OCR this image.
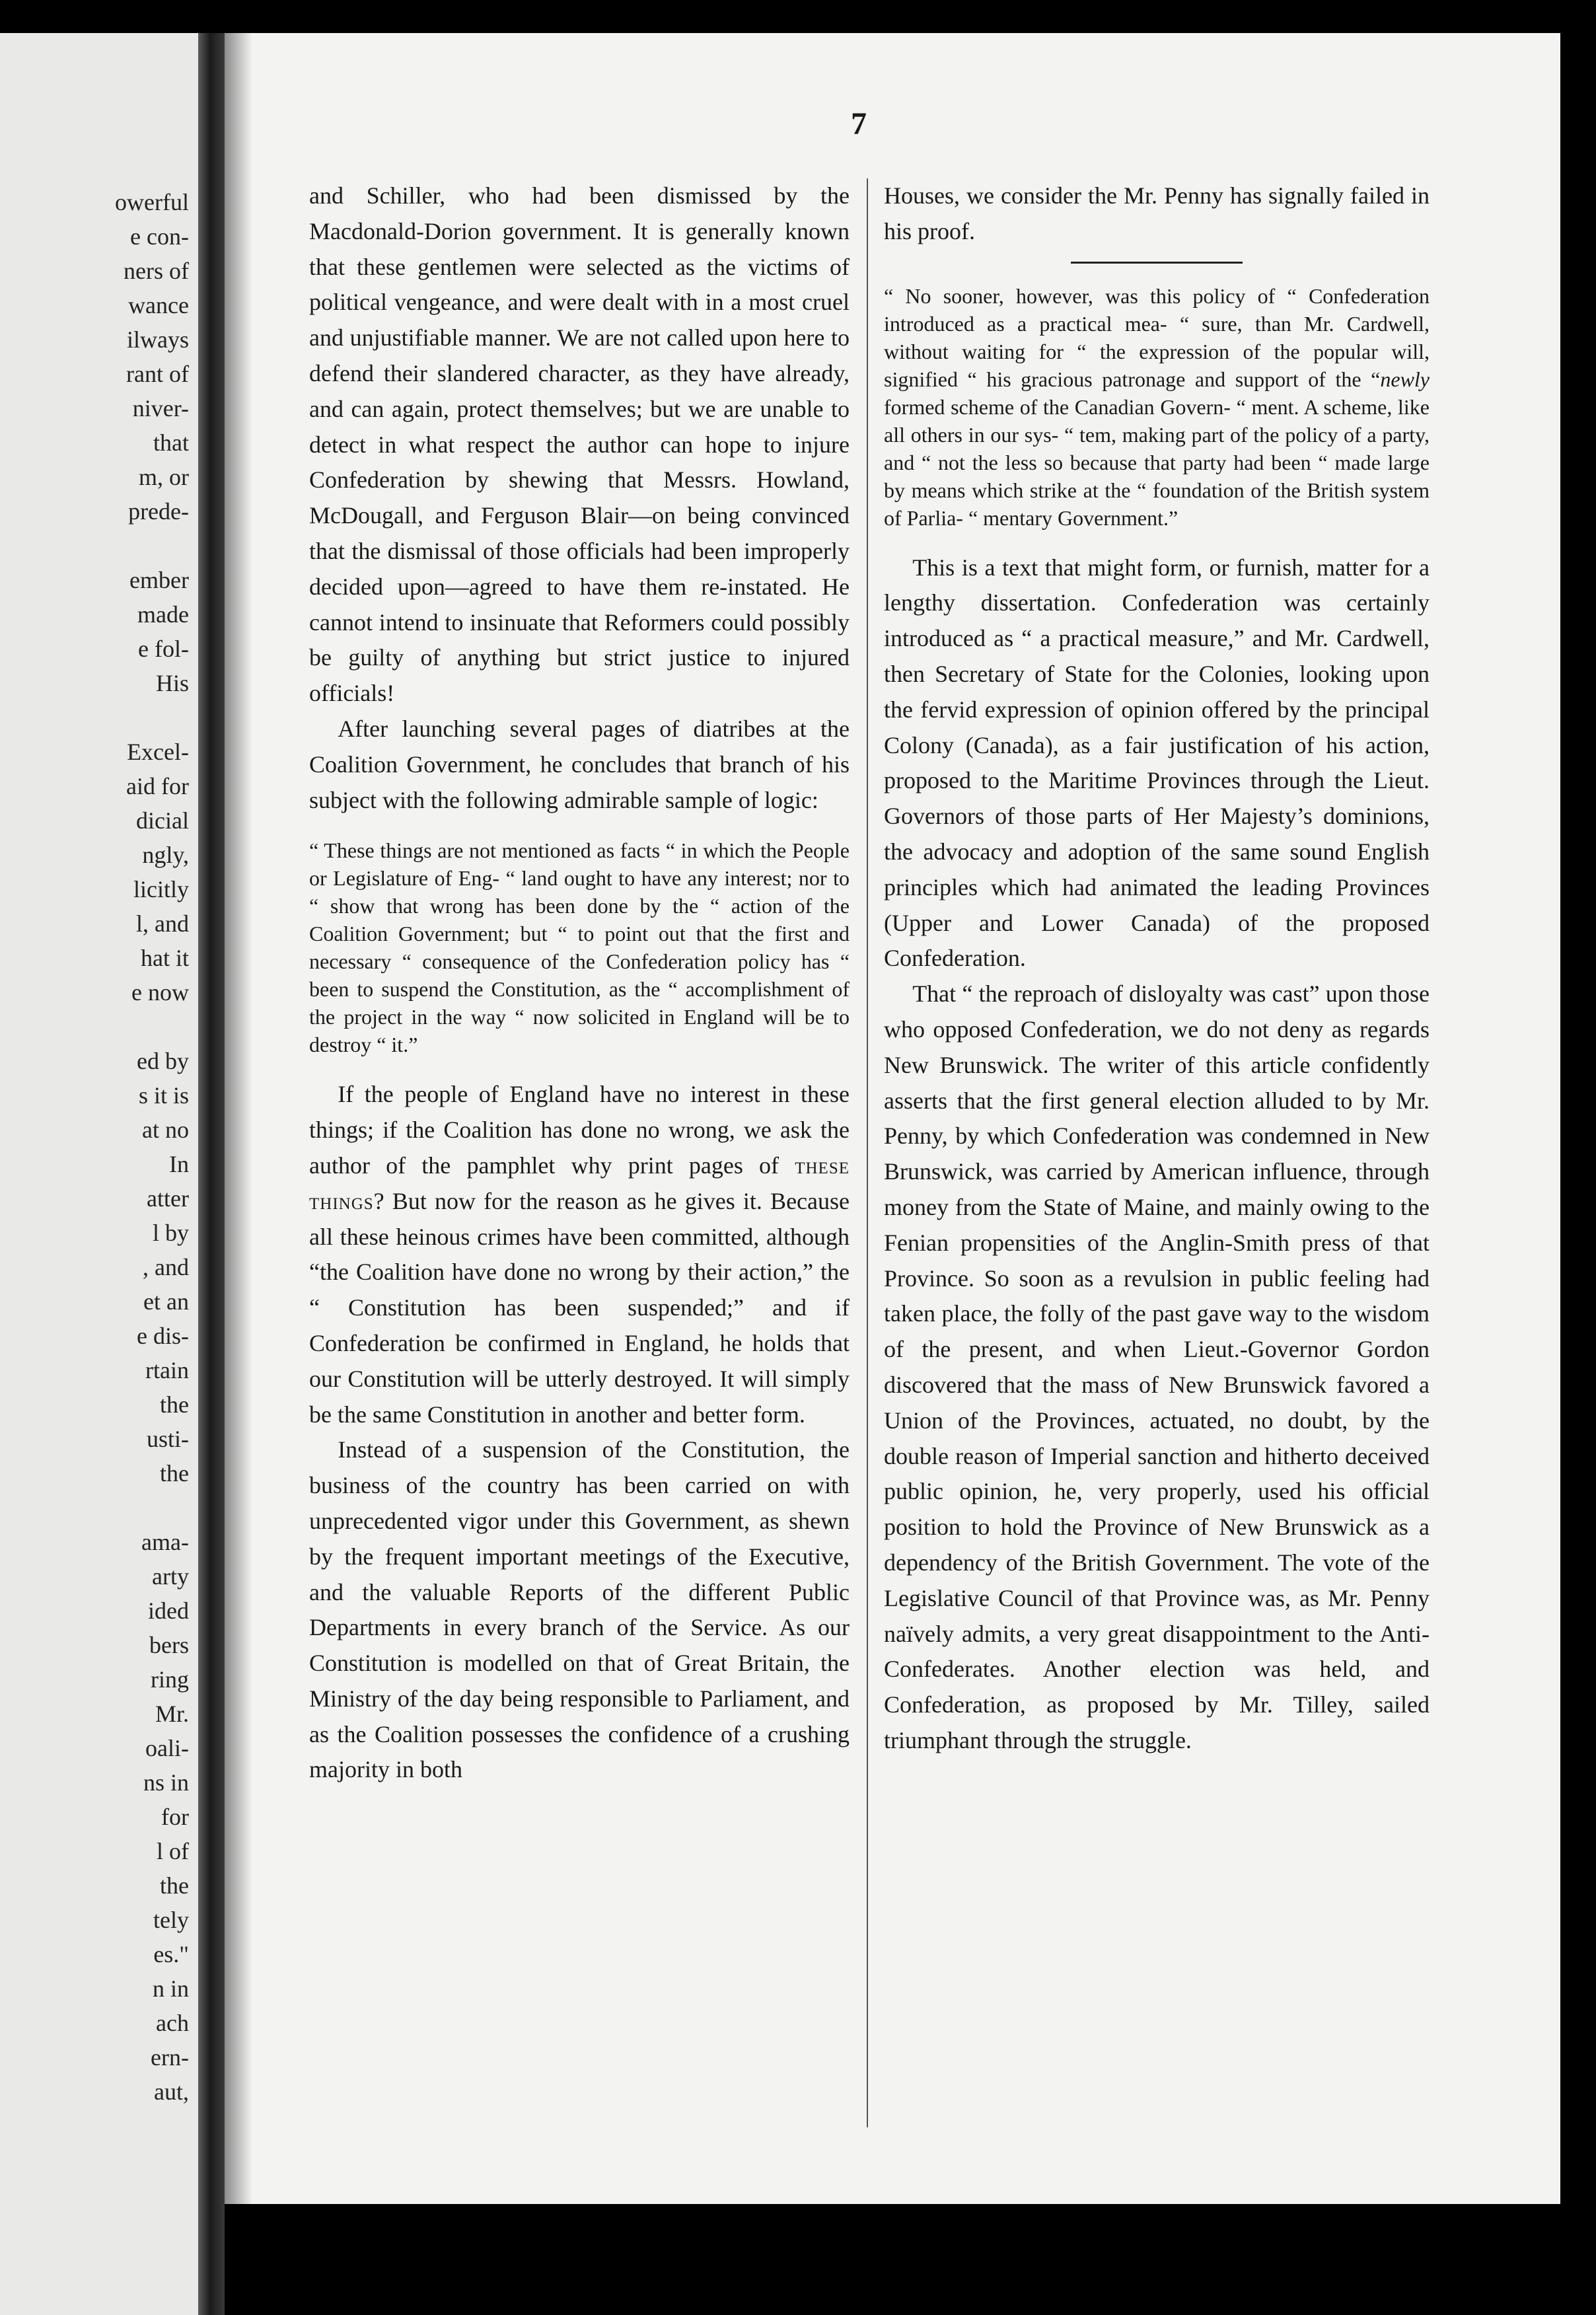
owerful
e con-
ners of
wance
ilways
rant of
niver-
that
m, or
prede-
ember
made
e fol-
His
Excel-
aid for
dicial
ngly,
licitly
l, and
hat it
e now
ed by
s it is
at no
In
atter
l by
, and
et an
e dis-
rtain
the
usti-
the
ama-
arty
ided
bers
ring
Mr.
oali-
ns in
for
l of
the
tely
es."
n in
ach
ern-
aut,
7

and Schiller, who had been dismissed by the Macdonald-Dorion government. It is generally known that these gentlemen were selected as the victims of political vengeance, and were dealt with in a most cruel and unjustifiable manner. We are not called upon here to defend their slandered character, as they have already, and can again, protect themselves; but we are unable to detect in what respect the author can hope to injure Confederation by shewing that Messrs. Howland, McDougall, and Ferguson Blair—on being convinced that the dismissal of those officials had been improperly decided upon—agreed to have them re-instated. He cannot intend to insinuate that Reformers could possibly be guilty of anything but strict justice to injured officials!

After launching several pages of diatribes at the Coalition Government, he concludes that branch of his subject with the following admirable sample of logic:

“ These things are not mentioned as facts “ in which the People or Legislature of Eng- “ land ought to have any interest; nor to “ show that wrong has been done by the “ action of the Coalition Government; but “ to point out that the first and necessary “ consequence of the Confederation policy has “ been to suspend the Constitution, as the “ accomplishment of the project in the way “ now solicited in England will be to destroy “ it.”

If the people of England have no interest in these things; if the Coalition has done no wrong, we ask the author of the pamphlet why print pages of these things? But now for the reason as he gives it. Because all these heinous crimes have been committed, although “the Coalition have done no wrong by their action,” the “ Constitution has been suspended;” and if Confederation be confirmed in England, he holds that our Constitution will be utterly destroyed. It will simply be the same Constitution in another and better form.

Instead of a suspension of the Constitution, the business of the country has been carried on with unprecedented vigor under this Government, as shewn by the frequent important meetings of the Executive, and the valuable Reports of the different Public Departments in every branch of the Service. As our Constitution is modelled on that of Great Britain, the Ministry of the day being responsible to Parliament, and as the Coalition possesses the confidence of a crushing majority in both

Houses, we consider the Mr. Penny has signally failed in his proof.

“ No sooner, however, was this policy of “ Confederation introduced as a practical mea- “ sure, than Mr. Cardwell, without waiting for “ the expression of the popular will, signified “ his gracious patronage and support of the “newly formed scheme of the Canadian Govern- “ ment. A scheme, like all others in our sys- “ tem, making part of the policy of a party, and “ not the less so because that party had been “ made large by means which strike at the “ foundation of the British system of Parlia- “ mentary Government.”

This is a text that might form, or furnish, matter for a lengthy dissertation. Confederation was certainly introduced as “ a practical measure,” and Mr. Cardwell, then Secretary of State for the Colonies, looking upon the fervid expression of opinion offered by the principal Colony (Canada), as a fair justification of his action, proposed to the Maritime Provinces through the Lieut. Governors of those parts of Her Majesty’s dominions, the advocacy and adoption of the same sound English principles which had animated the leading Provinces (Upper and Lower Canada) of the proposed Confederation.

That “ the reproach of disloyalty was cast” upon those who opposed Confederation, we do not deny as regards New Brunswick. The writer of this article confidently asserts that the first general election alluded to by Mr. Penny, by which Confederation was condemned in New Brunswick, was carried by American influence, through money from the State of Maine, and mainly owing to the Fenian propensities of the Anglin-Smith press of that Province. So soon as a revulsion in public feeling had taken place, the folly of the past gave way to the wisdom of the present, and when Lieut.-Governor Gordon discovered that the mass of New Brunswick favored a Union of the Provinces, actuated, no doubt, by the double reason of Imperial sanction and hitherto deceived public opinion, he, very properly, used his official position to hold the Province of New Brunswick as a dependency of the British Government. The vote of the Legislative Council of that Province was, as Mr. Penny naïvely admits, a very great disappointment to the Anti-Confederates. Another election was held, and Confederation, as proposed by Mr. Tilley, sailed triumphant through the struggle.
